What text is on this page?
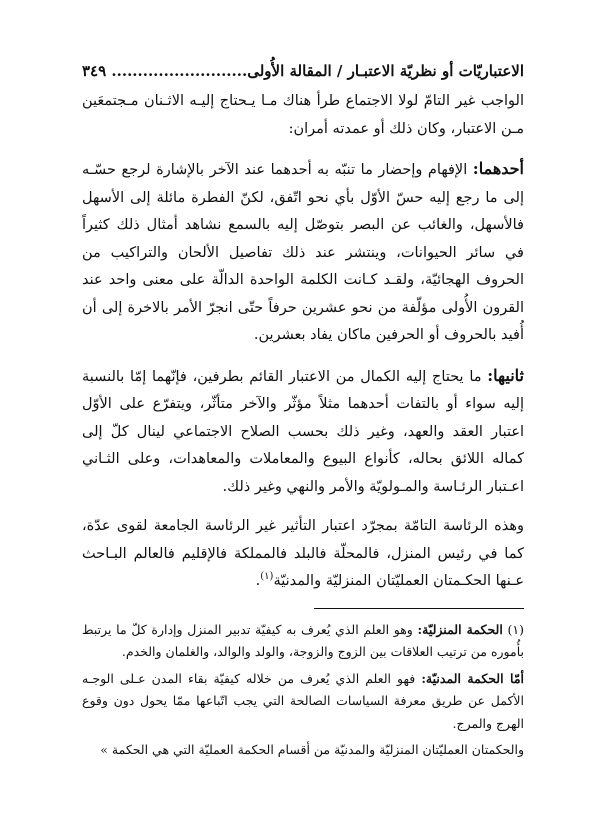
الاعتباريّات أو نظريّة الاعتبـار / المقالة الأُولى
.......................... ٣٤٩

الواجب غير التامّ لولا الاجتماع طرأ هناك مـا يـحتاج إليـه الاثـنان مـجتمعَين مـن الاعتبار، وكان ذلك أو عمدته أمران:

أحدهما: الإفهام وإحضار ما تنبّه به أحدهما عند الآخر بالإشارة لرجع حسّـه إلى ما رجع إليه حسّ الأوّل بأي نحو اتّفق، لكنّ الفطرة مائلة إلى الأسهل فالأسهل، والغائب عن البصر بتوصّل إليه بالسمع نشاهد أمثال ذلك كثيراً في سائر الحيوانات، وينتشر عند ذلك تفاصيل الألحان والتراكيب من الحروف الهجائيّة، ولقـد كـانت الكلمة الواحدة الدالّة على معنى واحد عند القرون الأُولى مؤلّفة من نحو عشرين حرفاً حتّى انجرّ الأمر بالاخرة إلى أن أُفيد بالحروف أو الحرفين ماكان يفاد بعشرين.

ثانيها: ما يحتاج إليه الكمال من الاعتبار القائم بطرفين، فإنّهما إمّا بالنسبة إليه سواء أو بالتفات أحدهما مثلاً مؤثّر والآخر متأثّر، ويتفرّع على الأوّل اعتبار العقد والعهد، وغير ذلك بحسب الصلاح الاجتماعي لينال كلّ إلى كماله اللائق بحاله، كأنواع البيوع والمعاملات والمعاهدات، وعلى الثـاني اعـتبار الرئـاسة والمـولويّة والأمر والنهي وغير ذلك.

وهذه الرئاسة التامّة بمجرّد اعتبار التأثير غير الرئاسة الجامعة لقوى عدّة، كما في رئيس المنزل، فالمحلّة فالبلد فالمملكة فالإقليم فالعالم البـاحث عـنها الحكـمتان العمليّتان المنزليّة والمدنيّة$^{(١)}$.

(١) الحكمة المنزليّة: وهو العلم الذي يُعرف به كيفيّة تدبير المنزل وإدارة كلّ ما يرتبط بأُموره من ترتيب العلاقات بين الزوج والزوجة، والولد والوالد، والغلمان والخدم.

أمّا الحكمة المدنيّة: فهو العلم الذي يُعرف من خلاله كيفيّة بقاء المدن عـلى الوجـه الأكمل عن طريق معرفة السياسات الصالحة التي يجب اتّباعها ممّا يحول دون وقوع الهرج والمرج.

والحكمتان العمليّتان المنزليّة والمدنيّة من أقسام الحكمة العمليّة التي هي الحكمة »
